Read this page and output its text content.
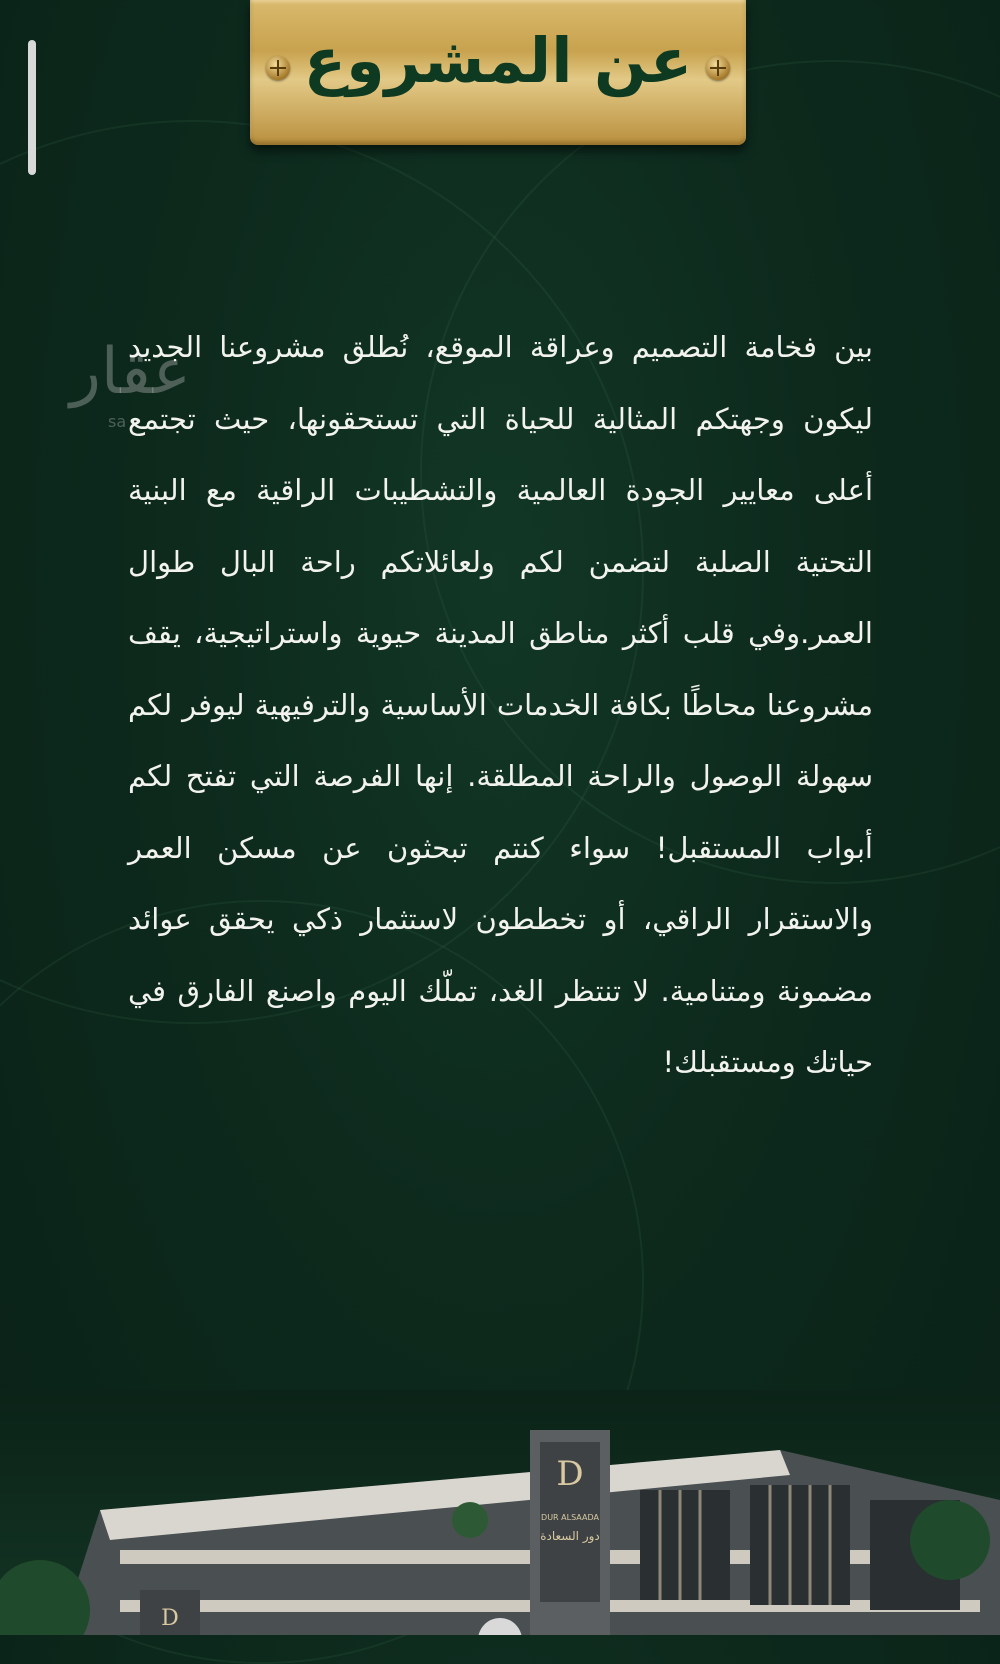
عن المشروع
عقار
sa
بين فخامة التصميم وعراقة الموقع، نُطلق مشروعنا الجديد ليكون وجهتكم المثالية للحياة التي تستحقونها، حيث تجتمع أعلى معايير الجودة العالمية والتشطيبات الراقية مع البنية التحتية الصلبة لتضمن لكم ولعائلاتكم راحة البال طوال العمر.وفي قلب أكثر مناطق المدينة حيوية واستراتيجية، يقف مشروعنا محاطًا بكافة الخدمات الأساسية والترفيهية ليوفر لكم سهولة الوصول والراحة المطلقة. إنها الفرصة التي تفتح لكم أبواب المستقبل! سواء كنتم تبحثون عن مسكن العمر والاستقرار الراقي، أو تخططون لاستثمار ذكي يحقق عوائد مضمونة ومتنامية. لا تنتظر الغد، تملّك اليوم واصنع الفارق في حياتك ومستقبلك!
D
DUR ALSAADA
دور السعادة
D
